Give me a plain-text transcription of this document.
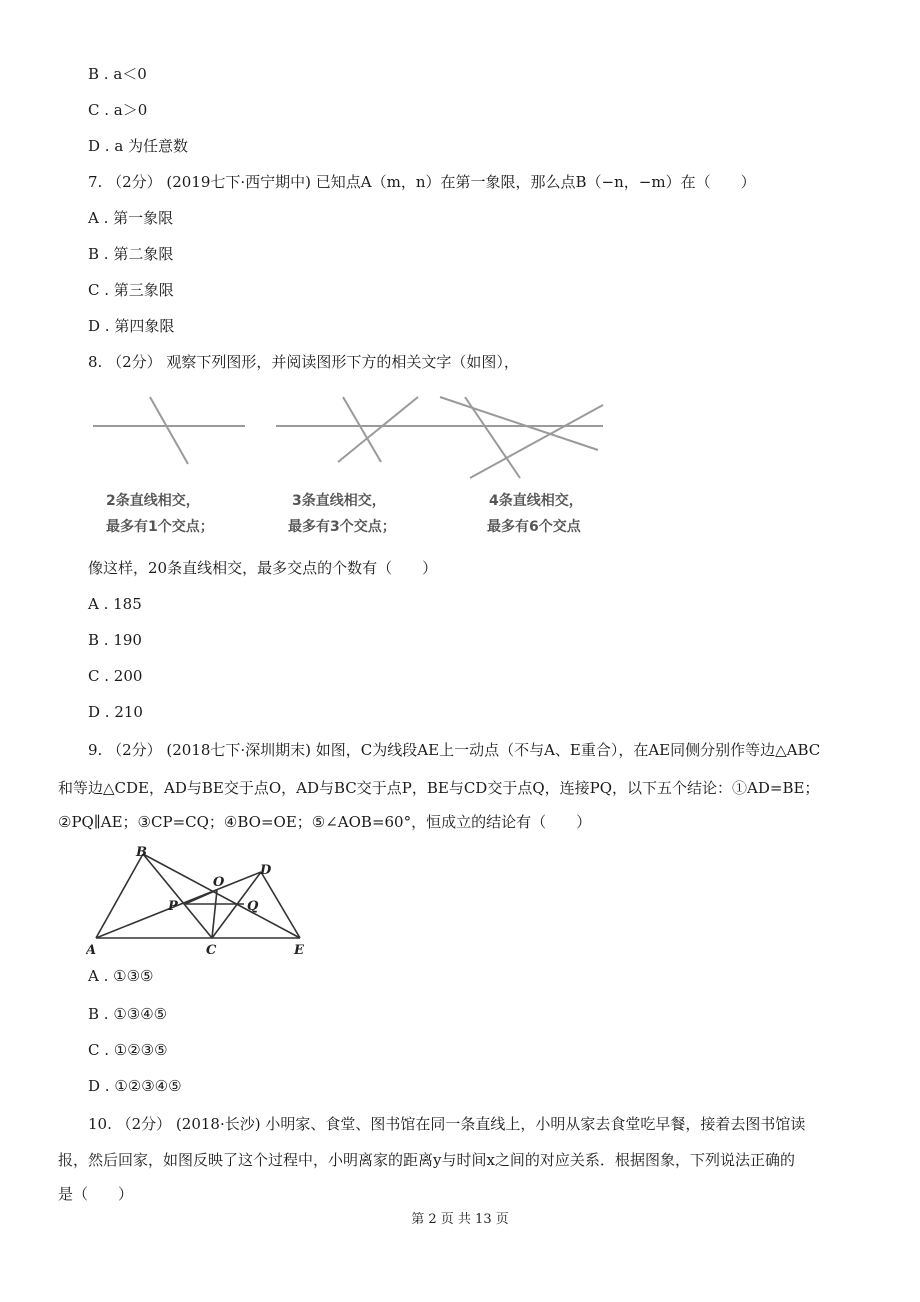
B . a＜0
C . a＞0
D . a 为任意数
7. （2分） (2019七下·西宁期中) 已知点A（m，n）在第一象限，那么点B（−n，−m）在（　　）
A . 第一象限
B . 第二象限
C . 第三象限
D . 第四象限
8. （2分） 观察下列图形，并阅读图形下方的相关文字（如图），
2条直线相交，
最多有1个交点；
3条直线相交，
最多有3个交点；
4条直线相交，
最多有6个交点
像这样，20条直线相交，最多交点的个数有（　　）
A . 185
B . 190
C . 200
D . 210
9. （2分） (2018七下·深圳期末) 如图，C为线段AE上一动点（不与A、E重合），在AE同侧分别作等边△ABC
和等边△CDE，AD与BE交于点O，AD与BC交于点P，BE与CD交于点Q，连接PQ，以下五个结论：①AD=BE；
②PQ∥AE；③CP=CQ；④BO=OE；⑤∠AOB=60°，恒成立的结论有（　　）
A
B
C
D
E
O
P	Q
A . ①③⑤
B . ①③④⑤
C . ①②③⑤
D . ①②③④⑤
10. （2分） (2018·长沙) 小明家、食堂、图书馆在同一条直线上，小明从家去食堂吃早餐，接着去图书馆读
报，然后回家，如图反映了这个过程中，小明离家的距离y与时间x之间的对应关系．根据图象，下列说法正确的
是（　　）
第 2 页 共 13 页
